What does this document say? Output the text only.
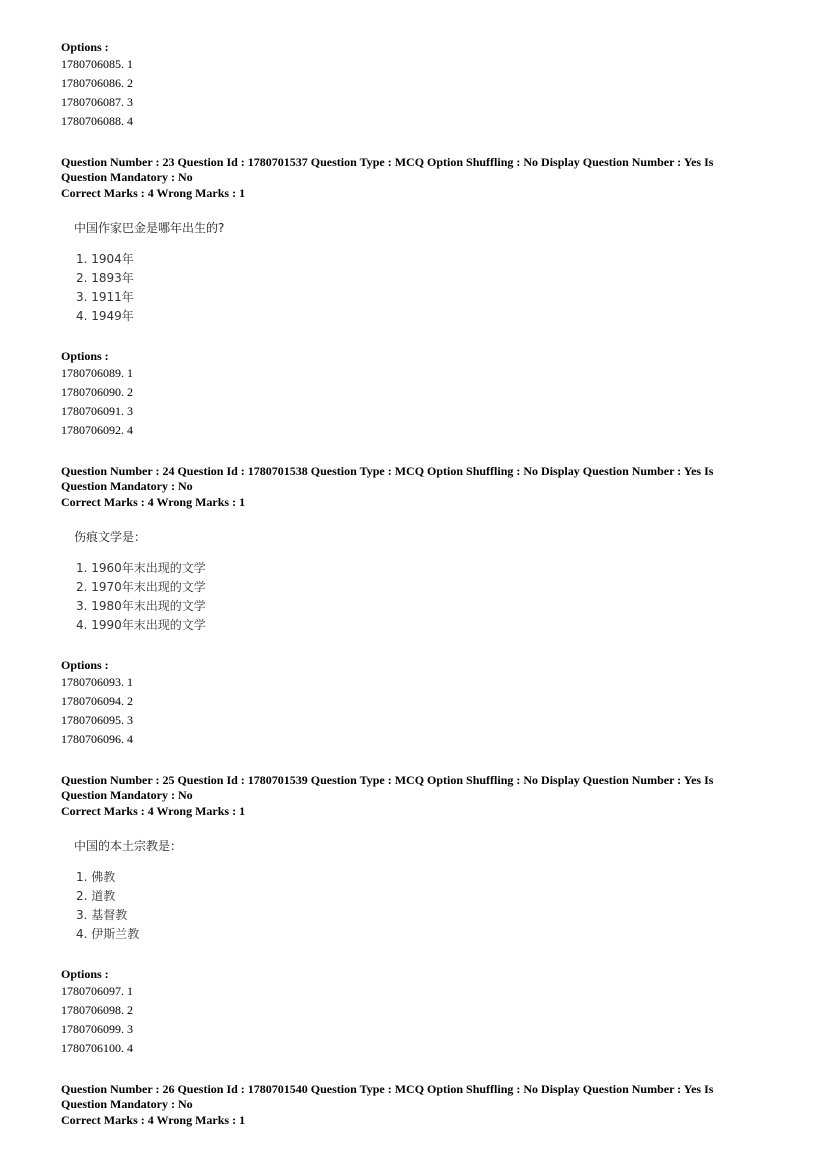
Options :
1780706085. 1
1780706086. 2
1780706087. 3
1780706088. 4
Question Number : 23 Question Id : 1780701537 Question Type : MCQ Option Shuffling : No Display Question Number : Yes Is Question Mandatory : No
Correct Marks : 4 Wrong Marks : 1
中国作家巴金是哪年出生的?
1. 1904年
2. 1893年
3. 1911年
4. 1949年
Options :
1780706089. 1
1780706090. 2
1780706091. 3
1780706092. 4
Question Number : 24 Question Id : 1780701538 Question Type : MCQ Option Shuffling : No Display Question Number : Yes Is Question Mandatory : No
Correct Marks : 4 Wrong Marks : 1
伤痕文学是：
1. 1960年末出现的文学
2. 1970年末出现的文学
3. 1980年末出现的文学
4. 1990年末出现的文学
Options :
1780706093. 1
1780706094. 2
1780706095. 3
1780706096. 4
Question Number : 25 Question Id : 1780701539 Question Type : MCQ Option Shuffling : No Display Question Number : Yes Is Question Mandatory : No
Correct Marks : 4 Wrong Marks : 1
中国的本土宗教是：
1. 佛教
2. 道教
3. 基督教
4. 伊斯兰教
Options :
1780706097. 1
1780706098. 2
1780706099. 3
1780706100. 4
Question Number : 26 Question Id : 1780701540 Question Type : MCQ Option Shuffling : No Display Question Number : Yes Is Question Mandatory : No
Correct Marks : 4 Wrong Marks : 1
